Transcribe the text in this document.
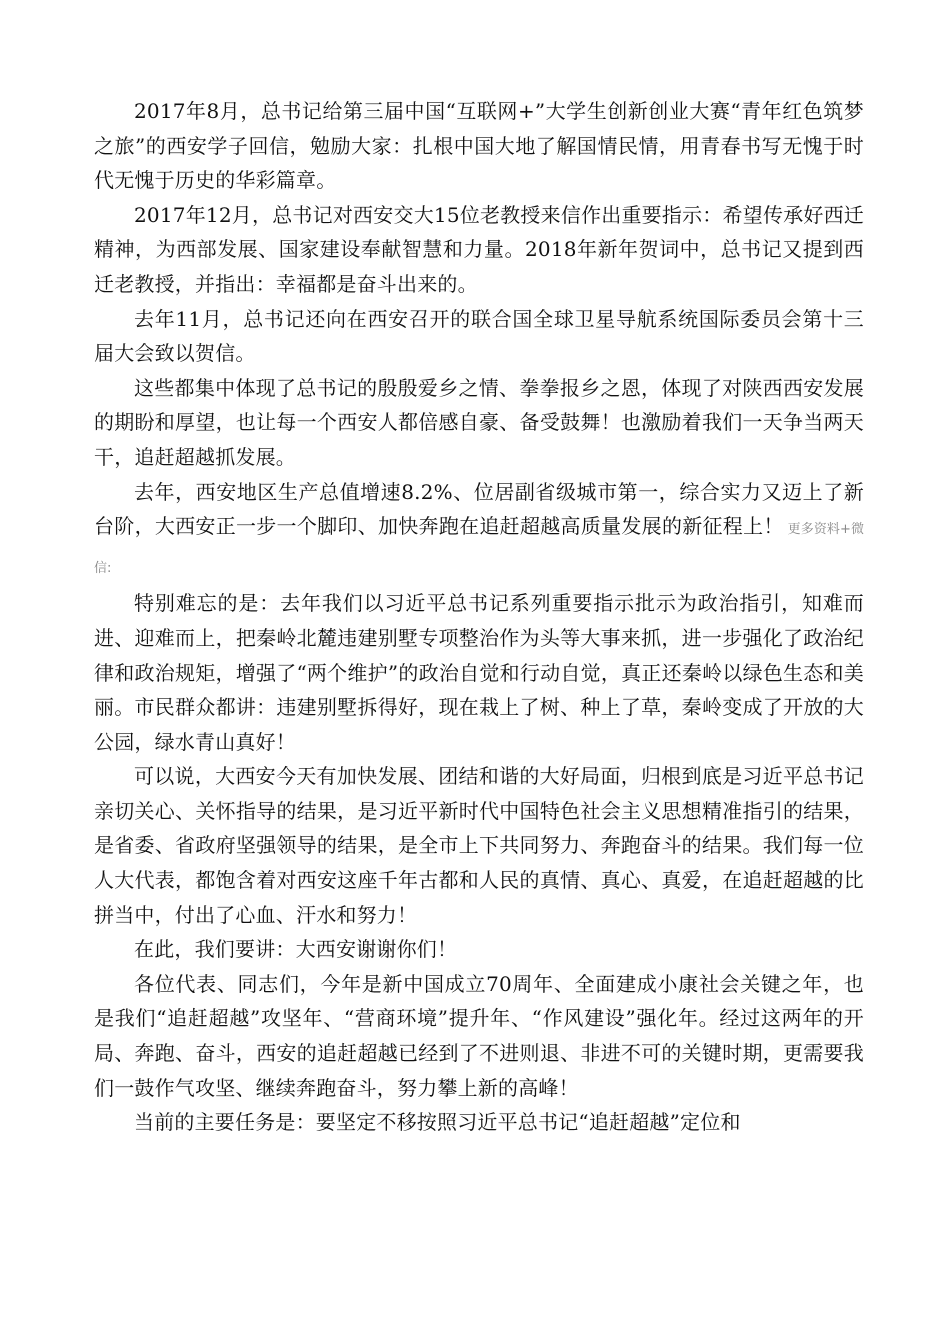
2017年8月，总书记给第三届中国“互联网+”大学生创新创业大赛“青年红色筑梦之旅”的西安学子回信，勉励大家：扎根中国大地了解国情民情，用青春书写无愧于时代无愧于历史的华彩篇章。

2017年12月，总书记对西安交大15位老教授来信作出重要指示：希望传承好西迁精神，为西部发展、国家建设奉献智慧和力量。2018年新年贺词中，总书记又提到西迁老教授，并指出：幸福都是奋斗出来的。

去年11月，总书记还向在西安召开的联合国全球卫星导航系统国际委员会第十三届大会致以贺信。

这些都集中体现了总书记的殷殷爱乡之情、拳拳报乡之恩，体现了对陕西西安发展的期盼和厚望，也让每一个西安人都倍感自豪、备受鼓舞！也激励着我们一天争当两天干，追赶超越抓发展。

去年，西安地区生产总值增速8.2%、位居副省级城市第一，综合实力又迈上了新台阶，大西安正一步一个脚印、加快奔跑在追赶超越高质量发展的新征程上！ 更多资料+微信:

特别难忘的是：去年我们以习近平总书记系列重要指示批示为政治指引，知难而进、迎难而上，把秦岭北麓违建别墅专项整治作为头等大事来抓，进一步强化了政治纪律和政治规矩，增强了“两个维护”的政治自觉和行动自觉，真正还秦岭以绿色生态和美丽。市民群众都讲：违建别墅拆得好，现在栽上了树、种上了草，秦岭变成了开放的大公园，绿水青山真好！

可以说，大西安今天有加快发展、团结和谐的大好局面，归根到底是习近平总书记亲切关心、关怀指导的结果，是习近平新时代中国特色社会主义思想精准指引的结果，是省委、省政府坚强领导的结果，是全市上下共同努力、奔跑奋斗的结果。我们每一位人大代表，都饱含着对西安这座千年古都和人民的真情、真心、真爱，在追赶超越的比拼当中，付出了心血、汗水和努力！

在此，我们要讲：大西安谢谢你们！

各位代表、同志们，今年是新中国成立70周年、全面建成小康社会关键之年，也是我们“追赶超越”攻坚年、“营商环境”提升年、“作风建设”强化年。经过这两年的开局、奔跑、奋斗，西安的追赶超越已经到了不进则退、非进不可的关键时期，更需要我们一鼓作气攻坚、继续奔跑奋斗，努力攀上新的高峰！

当前的主要任务是：要坚定不移按照习近平总书记“追赶超越”定位和
